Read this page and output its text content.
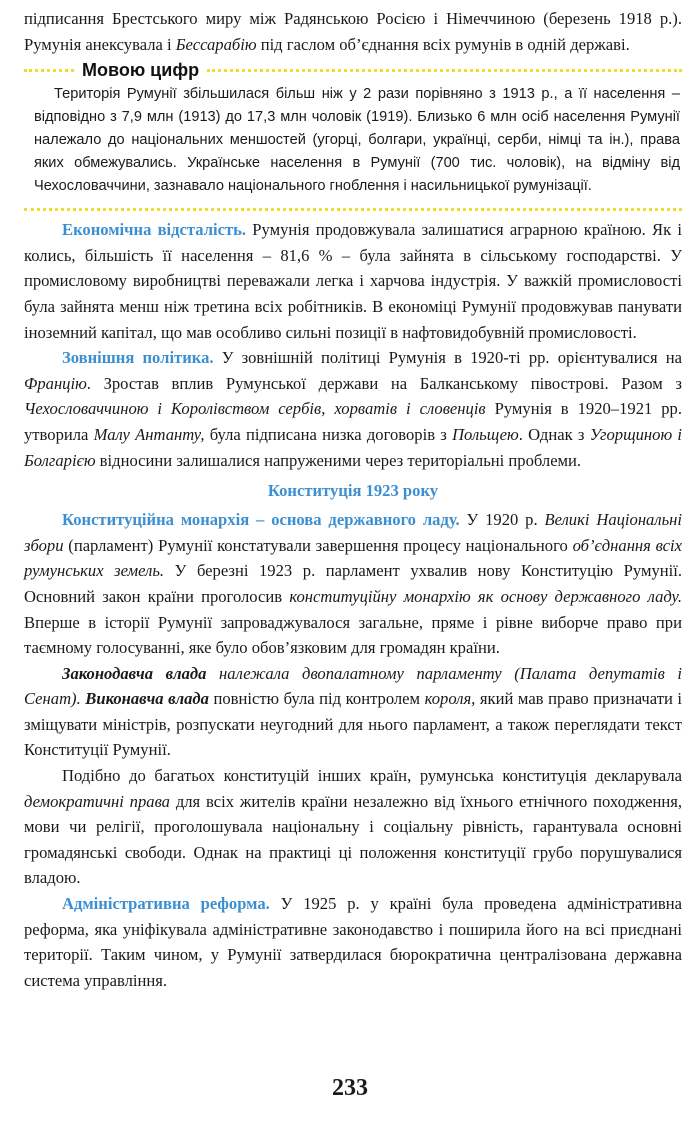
підписання Брестського миру між Радянською Росією і Німеччиною (березень 1918 р.). Румунія анексувала і Бессарабію під гаслом об’єднання всіх румунів в одній державі.

Мовою цифр

Територія Румунії збільшилася більш ніж у 2 рази порівняно з 1913 р., а її населення – відповідно з 7,9 млн (1913) до 17,3 млн чоловік (1919). Близько 6 млн осіб населення Румунії належало до національних меншостей (угорці, болгари, українці, серби, німці та ін.), права яких обмежувались. Українське населення в Румунії (700 тис. чоловік), на відміну від Чехословаччини, зазнавало національного гноблення і насильницької румунізації.

Економічна відсталість. Румунія продовжувала залишатися аграрною країною. Як і колись, більшість її населення – 81,6 % – була зайнята в сільському господарстві. У промисловому виробництві переважали легка і харчова індустрія. У важкій промисловості була зайнята менш ніж третина всіх робітників. В економіці Румунії продовжував панувати іноземний капітал, що мав особливо сильні позиції в нафтовидобувній промисловості.

Зовнішня політика. У зовнішній політиці Румунія в 1920-ті рр. орієнтувалися на Францію. Зростав вплив Румунської держави на Балканському півострові. Разом з Чехословаччиною і Королівством сербів, хорватів і словенців Румунія в 1920–1921 рр. утворила Малу Антанту, була підписана низка договорів з Польщею. Однак з Угорщиною і Болгарією відносини залишалися напруженими через територіальні проблеми.

Конституція 1923 року

Конституційна монархія – основа державного ладу. У 1920 р. Великі Національні збори (парламент) Румунії констатували завершення процесу національного об’єднання всіх румунських земель. У березні 1923 р. парламент ухвалив нову Конституцію Румунії. Основний закон країни проголосив конституційну монархію як основу державного ладу. Вперше в історії Румунії запроваджувалося загальне, пряме і рівне виборче право при таємному голосуванні, яке було обов’язковим для громадян країни.

Законодавча влада належала двопалатному парламенту (Палата депутатів і Сенат). Виконавча влада повністю була під контролем короля, який мав право призначати і зміщувати міністрів, розпускати неугодний для нього парламент, а також переглядати текст Конституції Румунії.

Подібно до багатьох конституцій інших країн, румунська конституція декларувала демократичні права для всіх жителів країни незалежно від їхнього етнічного походження, мови чи релігії, проголошувала національну і соціальну рівність, гарантувала основні громадянські свободи. Однак на практиці ці положення конституції грубо порушувалися владою.

Адміністративна реформа. У 1925 р. у країні була проведена адміністративна реформа, яка уніфікувала адміністративне законодавство і поширила його на всі приєднані території. Таким чином, у Румунії затвердилася бюрократична централізована державна система управління.

233
